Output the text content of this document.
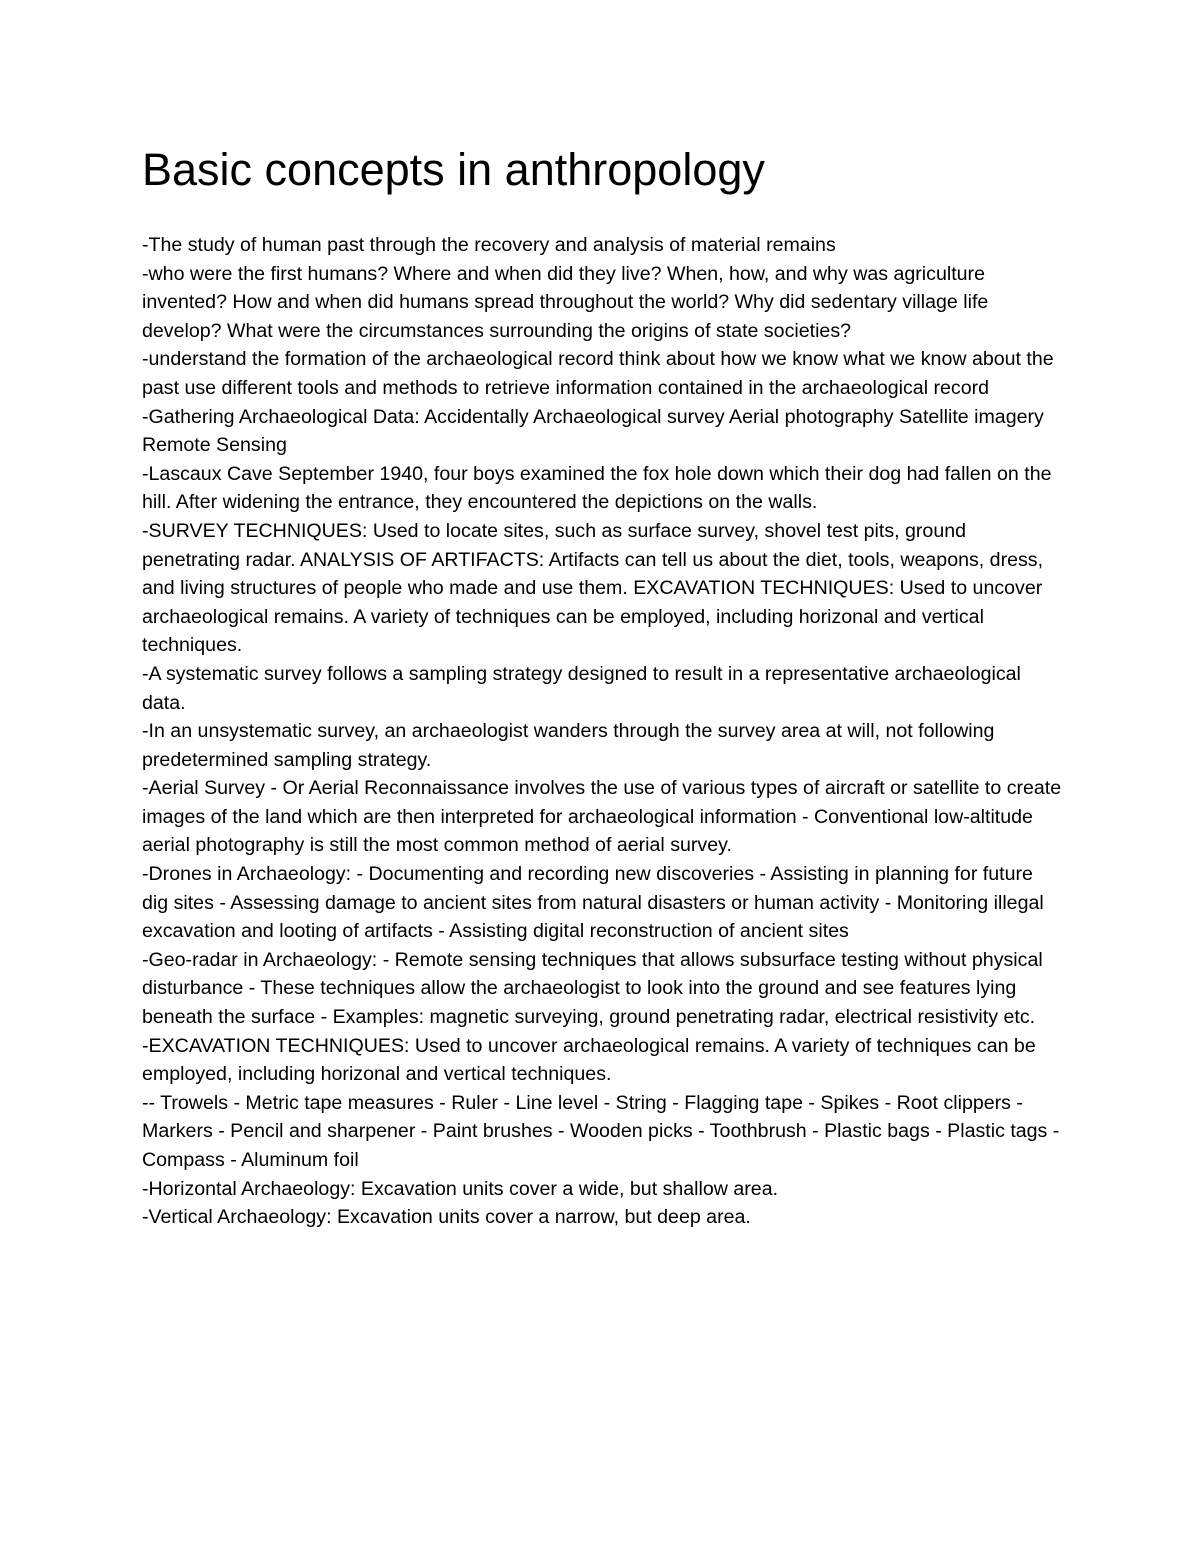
Basic concepts in anthropology

-The study of human past through the recovery and analysis of material remains

-who were the first humans? Where and when did they live? When, how, and why was agriculture invented? How and when did humans spread throughout the world? Why did sedentary village life develop? What were the circumstances surrounding the origins of state societies?

-understand the formation of the archaeological record think about how we know what we know about the past use different tools and methods to retrieve information contained in the archaeological record

-Gathering Archaeological Data: Accidentally Archaeological survey Aerial photography Satellite imagery Remote Sensing

-Lascaux Cave September 1940, four boys examined the fox hole down which their dog had fallen on the hill. After widening the entrance, they encountered the depictions on the walls.

-SURVEY TECHNIQUES: Used to locate sites, such as surface survey, shovel test pits, ground penetrating radar. ANALYSIS OF ARTIFACTS: Artifacts can tell us about the diet, tools, weapons, dress, and living structures of people who made and use them. EXCAVATION TECHNIQUES: Used to uncover archaeological remains. A variety of techniques can be employed, including horizonal and vertical techniques.

-A systematic survey follows a sampling strategy designed to result in a representative archaeological data.

-In an unsystematic survey, an archaeologist wanders through the survey area at will, not following predetermined sampling strategy.

-Aerial Survey - Or Aerial Reconnaissance involves the use of various types of aircraft or satellite to create images of the land which are then interpreted for archaeological information - Conventional low-altitude aerial photography is still the most common method of aerial survey.

-Drones in Archaeology: - Documenting and recording new discoveries - Assisting in planning for future dig sites - Assessing damage to ancient sites from natural disasters or human activity - Monitoring illegal excavation and looting of artifacts - Assisting digital reconstruction of ancient sites

-Geo-radar in Archaeology: - Remote sensing techniques that allows subsurface testing without physical disturbance - These techniques allow the archaeologist to look into the ground and see features lying beneath the surface - Examples: magnetic surveying, ground penetrating radar, electrical resistivity etc.

-EXCAVATION TECHNIQUES: Used to uncover archaeological remains. A variety of techniques can be employed, including horizonal and vertical techniques.

-- Trowels - Metric tape measures - Ruler - Line level - String - Flagging tape - Spikes - Root clippers - Markers - Pencil and sharpener - Paint brushes - Wooden picks - Toothbrush - Plastic bags - Plastic tags - Compass - Aluminum foil

-Horizontal Archaeology: Excavation units cover a wide, but shallow area.

-Vertical Archaeology: Excavation units cover a narrow, but deep area.
